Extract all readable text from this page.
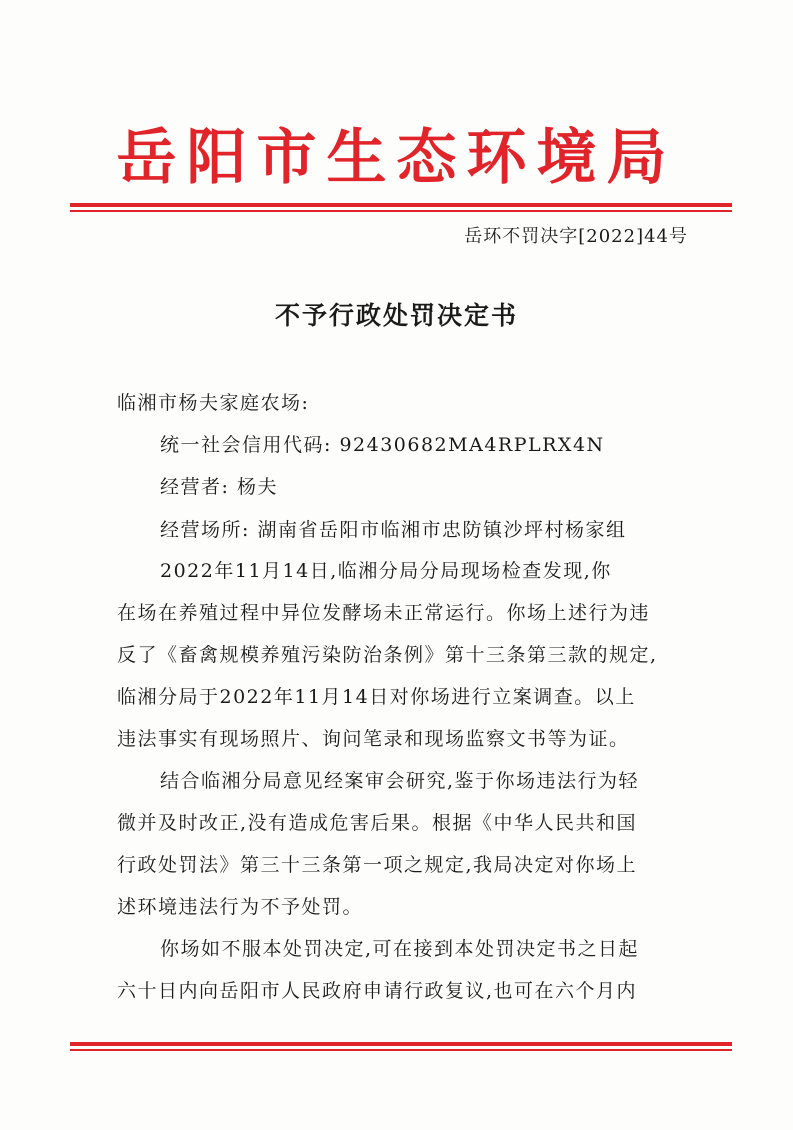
岳阳市生态环境局
岳环不罚决字[2022]44号
不予行政处罚决定书
临湘市杨夫家庭农场:
统一社会信用代码: 92430682MA4RPLRX4N
经营者: 杨夫
经营场所: 湖南省岳阳市临湘市忠防镇沙坪村杨家组
2022年11月14日,临湘分局分局现场检查发现,你
在场在养殖过程中异位发酵场未正常运行。你场上述行为违
反了《畜禽规模养殖污染防治条例》第十三条第三款的规定,
临湘分局于2022年11月14日对你场进行立案调查。以上
违法事实有现场照片、询问笔录和现场监察文书等为证。
结合临湘分局意见经案审会研究,鉴于你场违法行为轻
微并及时改正,没有造成危害后果。根据《中华人民共和国
行政处罚法》第三十三条第一项之规定,我局决定对你场上
述环境违法行为不予处罚。
你场如不服本处罚决定,可在接到本处罚决定书之日起
六十日内向岳阳市人民政府申请行政复议,也可在六个月内
